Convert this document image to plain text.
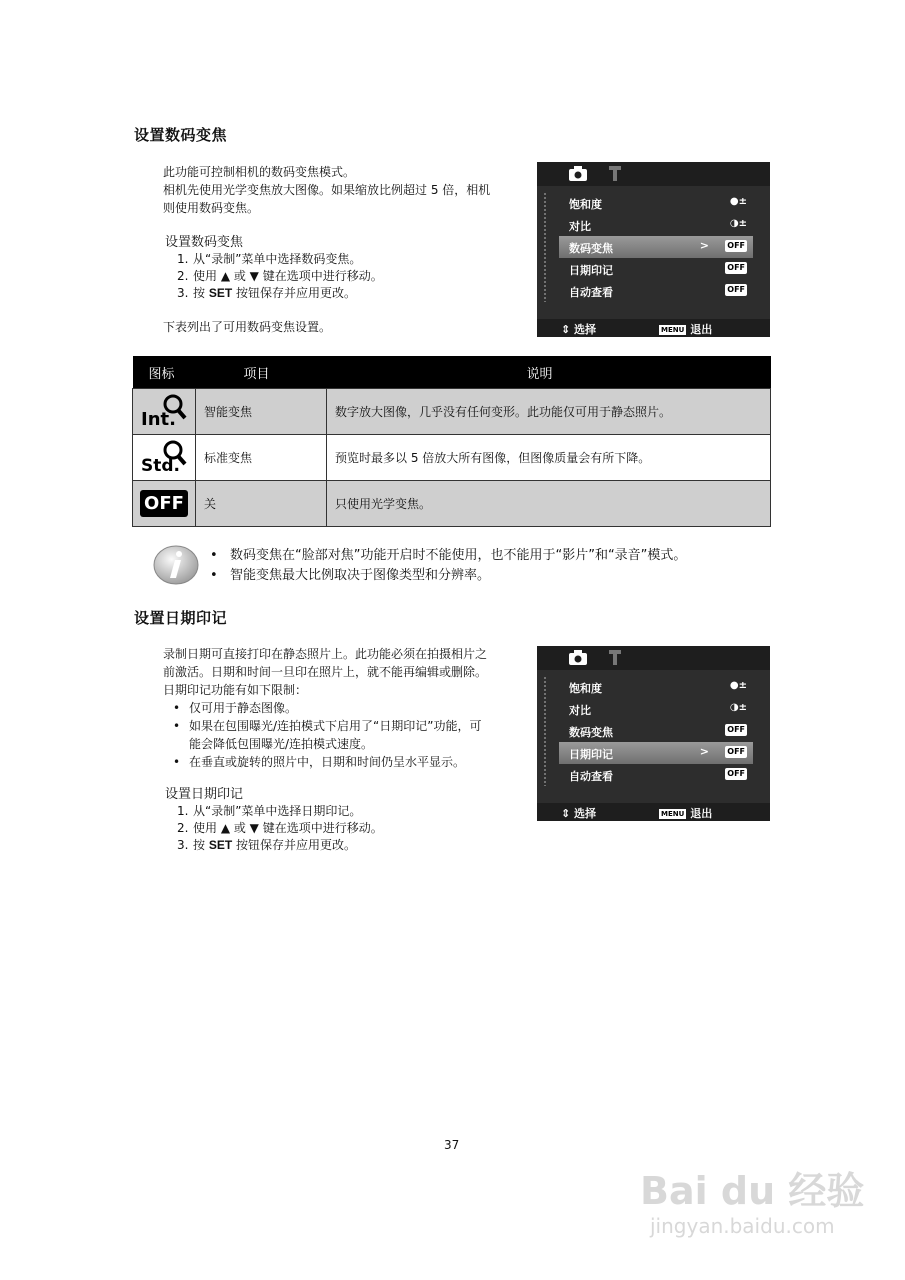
设置数码变焦
此功能可控制相机的数码变焦模式。
相机先使用光学变焦放大图像。如果缩放比例超过 5 倍，相机
则使用数码变焦。
设置数码变焦
1. 从“录制”菜单中选择数码变焦。
2. 使用 ▲ 或 ▼ 键在选项中进行移动。
3. 按 SET 按钮保存并应用更改。
下表列出了可用数码变焦设置。
饱和度	●±
对比	◑±
数码变焦	> OFF
日期印记	OFF
自动查看	OFF
⇕ 选择	MENU 退出
图标	项目	说明

Int.	智能变焦	数字放大图像，几乎没有任何变形。此功能仅可用于静态照片。

Std.	标准变焦	预览时最多以 5 倍放大所有图像，但图像质量会有所下降。
OFF	关	只使用光学变焦。
• 数码变焦在“脸部对焦”功能开启时不能使用，也不能用于“影片”和“录音”模式。
• 智能变焦最大比例取决于图像类型和分辨率。
设置日期印记
录制日期可直接打印在静态照片上。此功能必须在拍摄相片之
前激活。日期和时间一旦印在照片上，就不能再编辑或删除。
日期印记功能有如下限制：
• 仅可用于静态图像。
• 如果在包围曝光/连拍模式下启用了“日期印记”功能，可
能会降低包围曝光/连拍模式速度。
• 在垂直或旋转的照片中，日期和时间仍呈水平显示。
设置日期印记
1. 从“录制”菜单中选择日期印记。
2. 使用 ▲ 或 ▼ 键在选项中进行移动。
3. 按 SET 按钮保存并应用更改。
饱和度	●±
对比	◑±
数码变焦	OFF
日期印记	> OFF
自动查看	OFF
⇕ 选择	MENU 退出
37
Bai du 经验
jingyan.baidu.com
